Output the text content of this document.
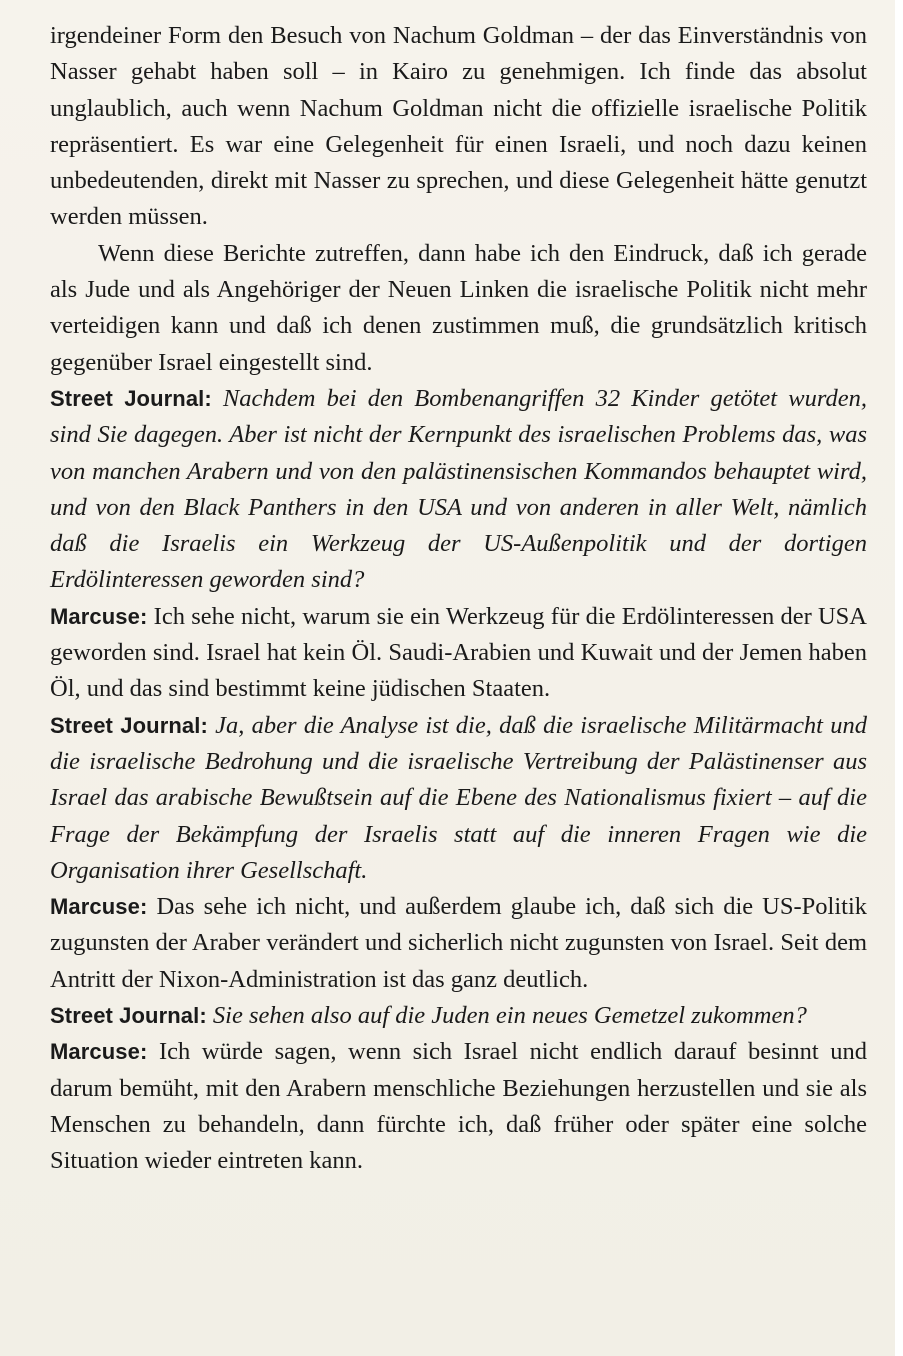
irgendeiner Form den Besuch von Nachum Goldman – der das Einverständnis von Nasser gehabt haben soll – in Kairo zu genehmigen. Ich finde das absolut unglaublich, auch wenn Nachum Goldman nicht die offizielle israelische Politik repräsentiert. Es war eine Gelegenheit für einen Israeli, und noch dazu keinen unbedeutenden, direkt mit Nasser zu sprechen, und diese Gelegenheit hätte genutzt werden müssen.

Wenn diese Berichte zutreffen, dann habe ich den Eindruck, daß ich gerade als Jude und als Angehöriger der Neuen Linken die israelische Politik nicht mehr verteidigen kann und daß ich denen zustimmen muß, die grundsätzlich kritisch gegenüber Israel eingestellt sind.

Street Journal: Nachdem bei den Bombenangriffen 32 Kinder getötet wurden, sind Sie dagegen. Aber ist nicht der Kernpunkt des israelischen Problems das, was von manchen Arabern und von den palästinensischen Kommandos behauptet wird, und von den Black Panthers in den USA und von anderen in aller Welt, nämlich daß die Israelis ein Werkzeug der US-Außenpolitik und der dortigen Erdölinteressen geworden sind?

Marcuse: Ich sehe nicht, warum sie ein Werkzeug für die Erdölinteressen der USA geworden sind. Israel hat kein Öl. Saudi-Arabien und Kuwait und der Jemen haben Öl, und das sind bestimmt keine jüdischen Staaten.

Street Journal: Ja, aber die Analyse ist die, daß die israelische Militärmacht und die israelische Bedrohung und die israelische Vertreibung der Palästinenser aus Israel das arabische Bewußtsein auf die Ebene des Nationalismus fixiert – auf die Frage der Bekämpfung der Israelis statt auf die inneren Fragen wie die Organisation ihrer Gesellschaft.

Marcuse: Das sehe ich nicht, und außerdem glaube ich, daß sich die US-Politik zugunsten der Araber verändert und sicherlich nicht zugunsten von Israel. Seit dem Antritt der Nixon-Administration ist das ganz deutlich.

Street Journal: Sie sehen also auf die Juden ein neues Gemetzel zukommen?

Marcuse: Ich würde sagen, wenn sich Israel nicht endlich darauf besinnt und darum bemüht, mit den Arabern menschliche Beziehungen herzustellen und sie als Menschen zu behandeln, dann fürchte ich, daß früher oder später eine solche Situation wieder eintreten kann.
